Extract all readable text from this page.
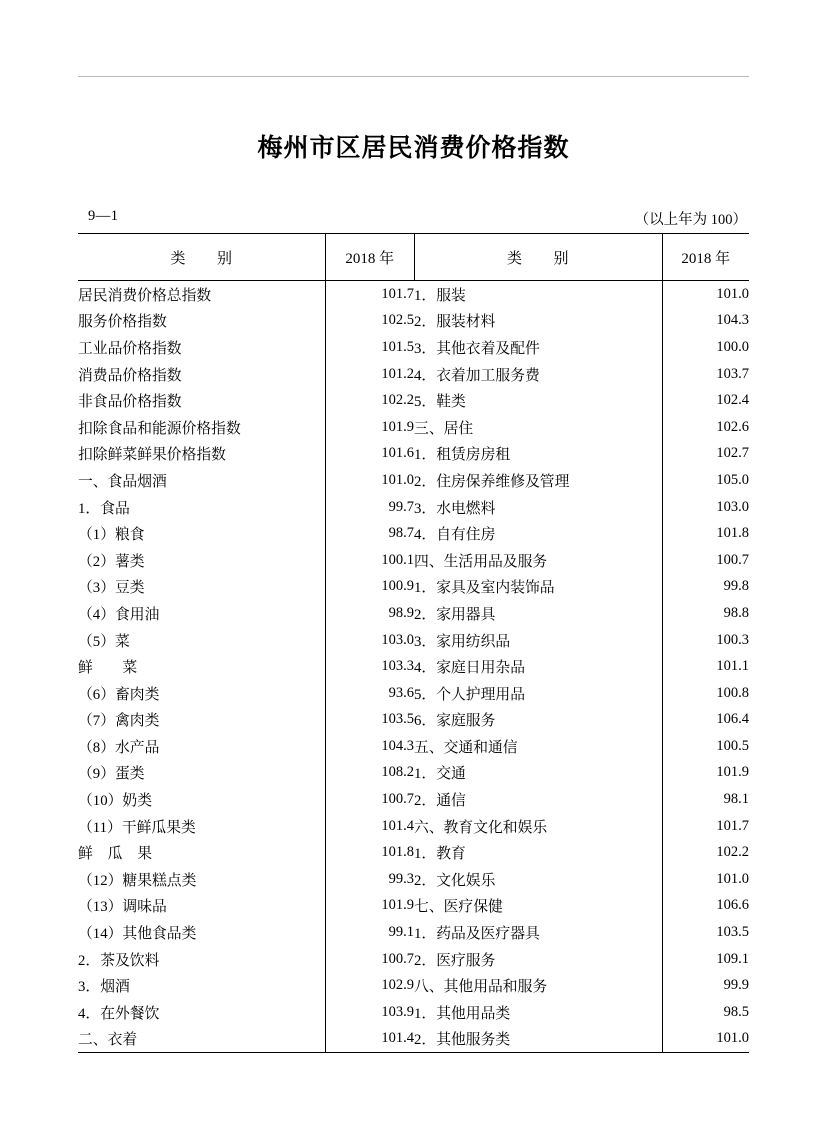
梅州市区居民消费价格指数
9—1	（以上年为 100）
类　　别	2018 年	类　　别	2018 年
居民消费价格总指数	101.7	1．服装	101.0
服务价格指数	102.5	2．服装材料	104.3
工业品价格指数	101.5	3．其他衣着及配件	100.0
消费品价格指数	101.2	4．衣着加工服务费	103.7
非食品价格指数	102.2	5．鞋类	102.4
扣除食品和能源价格指数	101.9	三、居住	102.6
扣除鲜菜鲜果价格指数	101.6	1．租赁房房租	102.7
一、食品烟酒	101.0	2．住房保养维修及管理	105.0
1．食品	99.7	3．水电燃料	103.0
（1）粮食	98.7	4．自有住房	101.8
（2）薯类	100.1	四、生活用品及服务	100.7
（3）豆类	100.9	1．家具及室内装饰品	99.8
（4）食用油	98.9	2．家用器具	98.8
（5）菜	103.0	3．家用纺织品	100.3
鲜　　菜	103.3	4．家庭日用杂品	101.1
（6）畜肉类	93.6	5．个人护理用品	100.8
（7）禽肉类	103.5	6．家庭服务	106.4
（8）水产品	104.3	五、交通和通信	100.5
（9）蛋类	108.2	1．交通	101.9
（10）奶类	100.7	2．通信	98.1
（11）干鲜瓜果类	101.4	六、教育文化和娱乐	101.7
鲜　瓜　果	101.8	1．教育	102.2
（12）糖果糕点类	99.3	2．文化娱乐	101.0
（13）调味品	101.9	七、医疗保健	106.6
（14）其他食品类	99.1	1．药品及医疗器具	103.5
2．茶及饮料	100.7	2．医疗服务	109.1
3．烟酒	102.9	八、其他用品和服务	99.9
4．在外餐饮	103.9	1．其他用品类	98.5
二、衣着	101.4	2．其他服务类	101.0
